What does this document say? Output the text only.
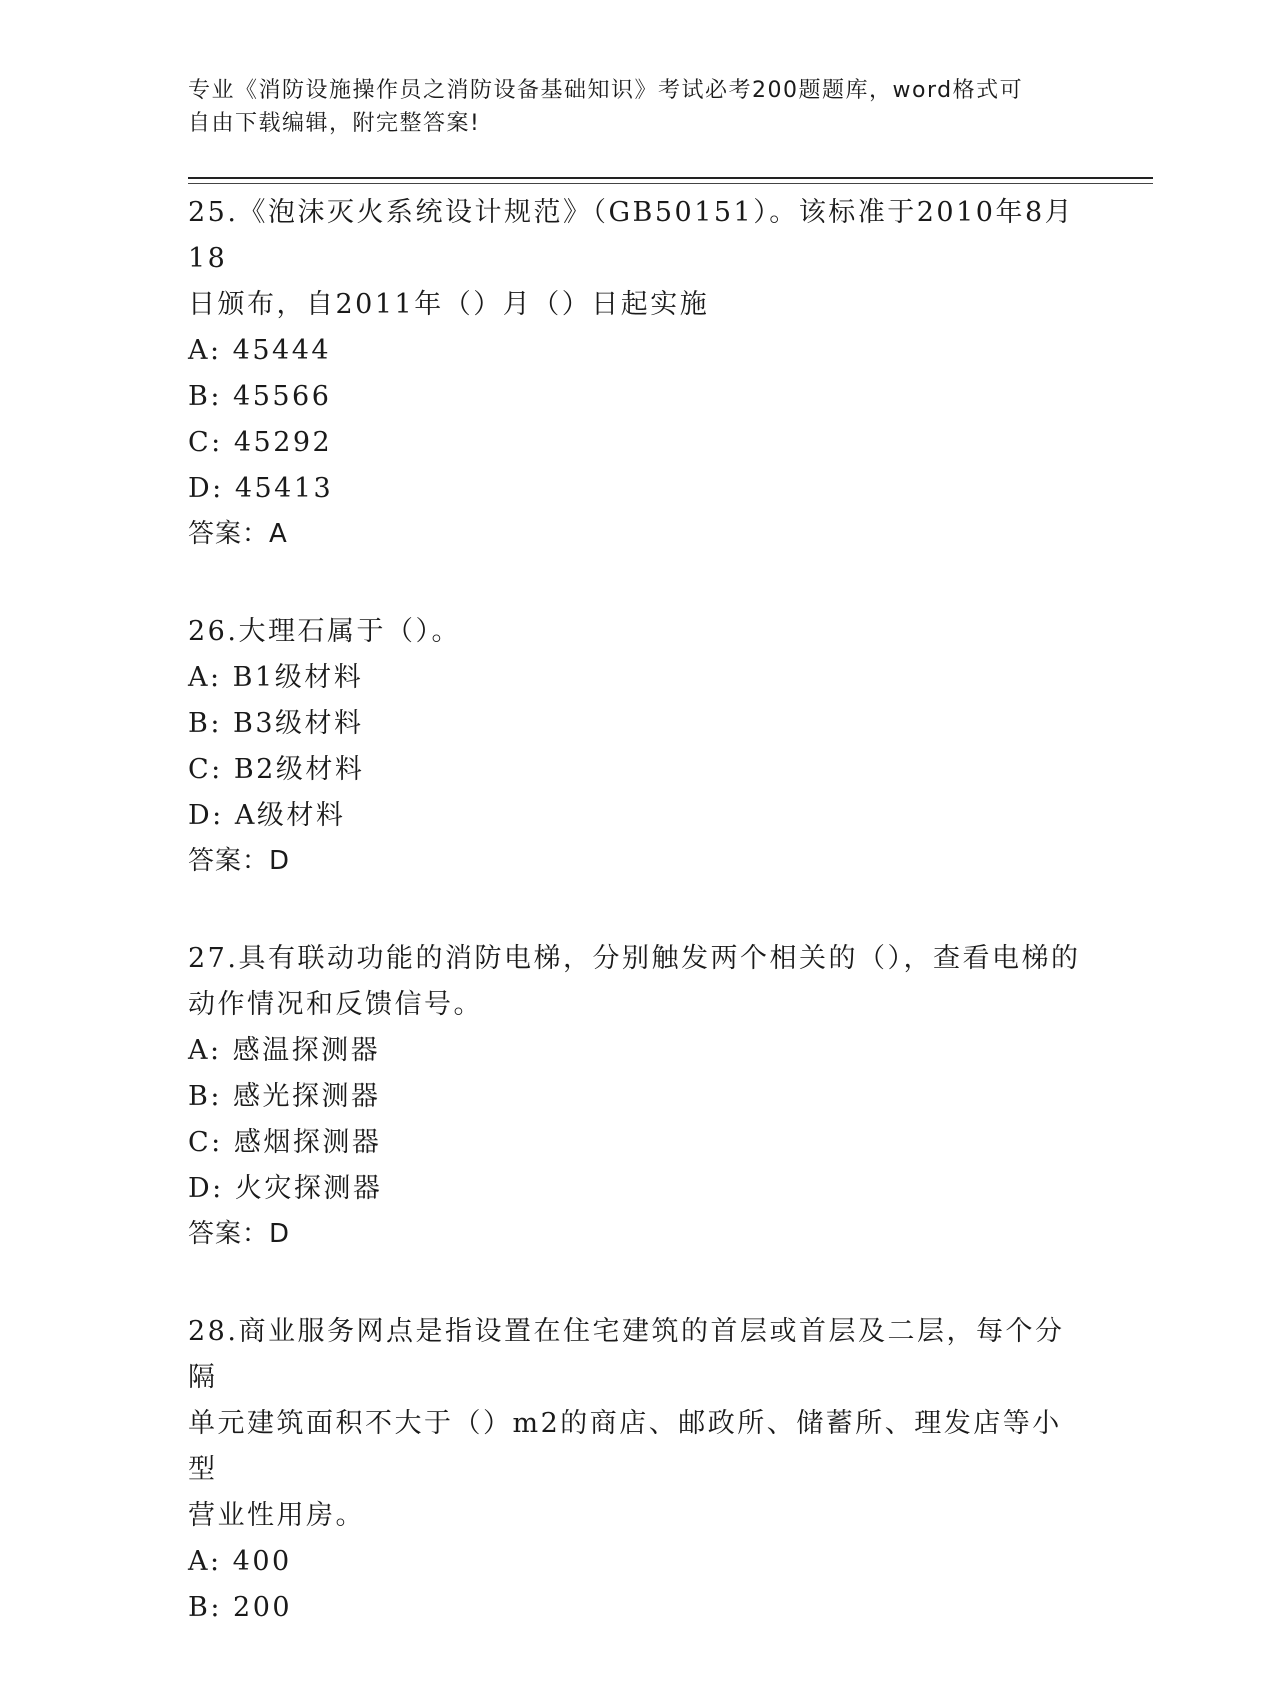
专业《消防设施操作员之消防设备基础知识》考试必考200题题库，word格式可
自由下载编辑，附完整答案!
25.《泡沫灭火系统设计规范》（GB50151）。该标准于2010年8月18
日颁布，自2011年（）月（）日起实施
A: 45444
B: 45566
C: 45292
D: 45413
答案：A
26.大理石属于（）。
A: B1级材料
B: B3级材料
C: B2级材料
D: A级材料
答案：D
27.具有联动功能的消防电梯，分别触发两个相关的（），查看电梯的
动作情况和反馈信号。
A: 感温探测器
B: 感光探测器
C: 感烟探测器
D: 火灾探测器
答案：D
28.商业服务网点是指设置在住宅建筑的首层或首层及二层，每个分隔
单元建筑面积不大于（）m2的商店、邮政所、储蓄所、理发店等小型
营业性用房。
A: 400
B: 200
